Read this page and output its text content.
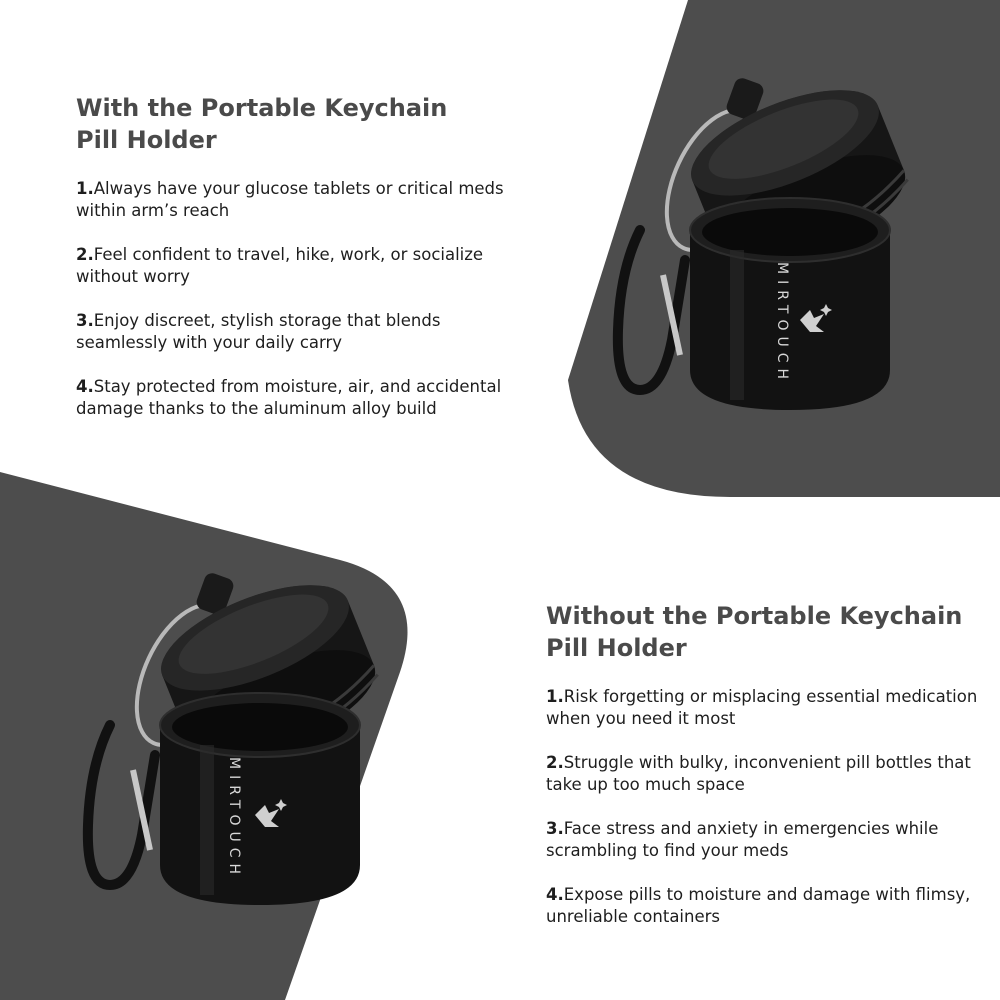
With the Portable Keychain
Pill Holder
1.Always have your glucose tablets or critical meds within arm’s reach
2.Feel confident to travel, hike, work, or socialize without worry
3.Enjoy discreet, stylish storage that blends seamlessly with your daily carry
4.Stay protected from moisture, air, and accidental damage thanks to the aluminum alloy build
Without the Portable Keychain
Pill Holder
1.Risk forgetting or misplacing essential medication when you need it most
2.Struggle with bulky, inconvenient pill bottles that take up too much space
3.Face stress and anxiety in emergencies while scrambling to find your meds
4.Expose pills to moisture and damage with flimsy, unreliable containers
MIRTOUCH
MIRTOUCH
